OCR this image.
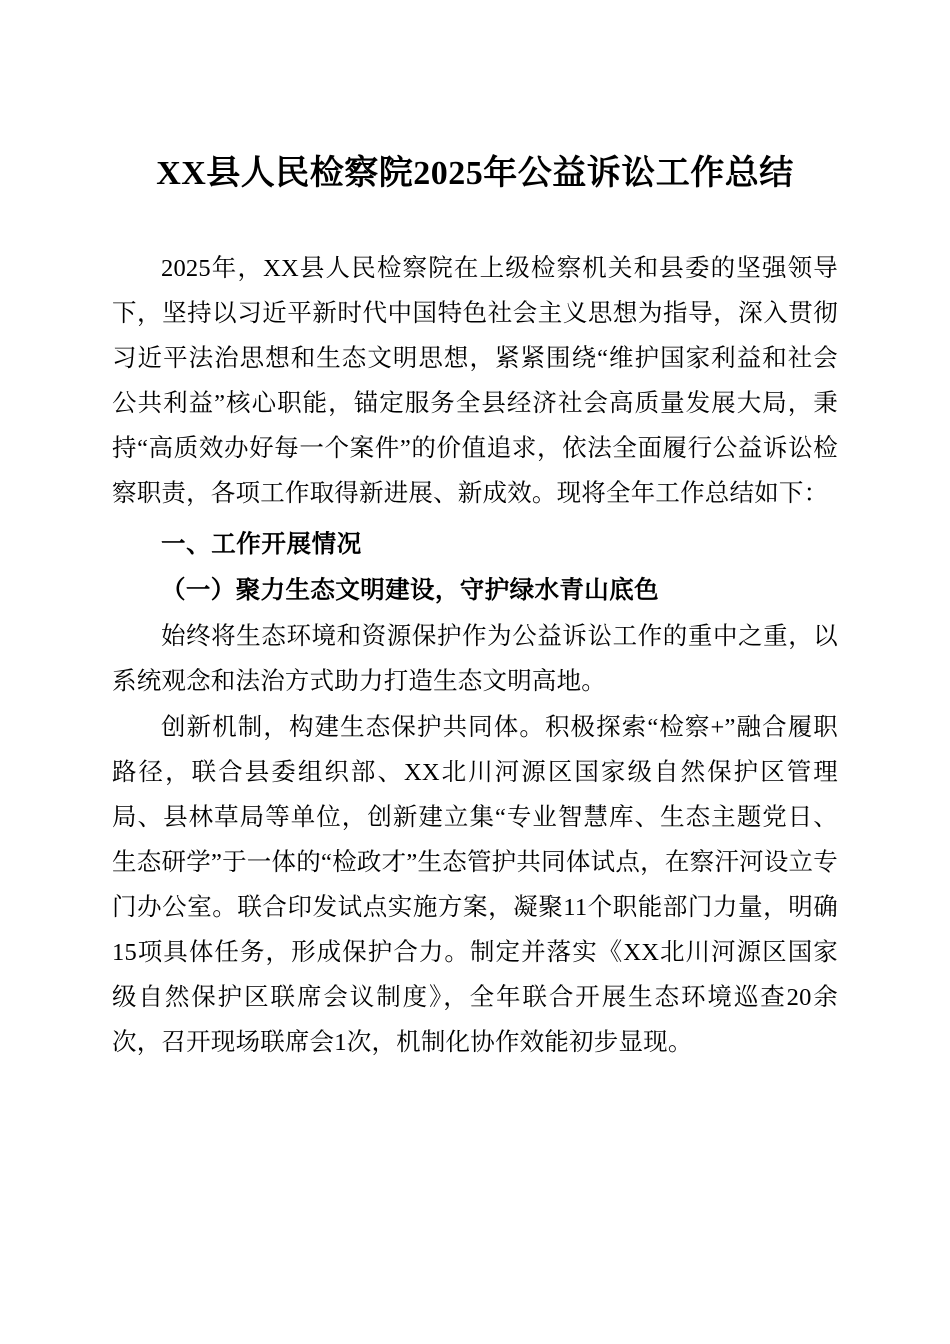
XX县人民检察院2025年公益诉讼工作总结

2025年，XX县人民检察院在上级检察机关和县委的坚强领导下，坚持以习近平新时代中国特色社会主义思想为指导，深入贯彻习近平法治思想和生态文明思想，紧紧围绕“维护国家利益和社会公共利益”核心职能，锚定服务全县经济社会高质量发展大局，秉持“高质效办好每一个案件”的价值追求，依法全面履行公益诉讼检察职责，各项工作取得新进展、新成效。现将全年工作总结如下：

一、工作开展情况

（一）聚力生态文明建设，守护绿水青山底色

始终将生态环境和资源保护作为公益诉讼工作的重中之重，以系统观念和法治方式助力打造生态文明高地。

创新机制，构建生态保护共同体。积极探索“检察+”融合履职路径，联合县委组织部、XX北川河源区国家级自然保护区管理局、县林草局等单位，创新建立集“专业智慧库、生态主题党日、生态研学”于一体的“检政才”生态管护共同体试点，在察汗河设立专门办公室。联合印发试点实施方案，凝聚11个职能部门力量，明确15项具体任务，形成保护合力。制定并落实《XX北川河源区国家级自然保护区联席会议制度》，全年联合开展生态环境巡查20余次，召开现场联席会1次，机制化协作效能初步显现。
